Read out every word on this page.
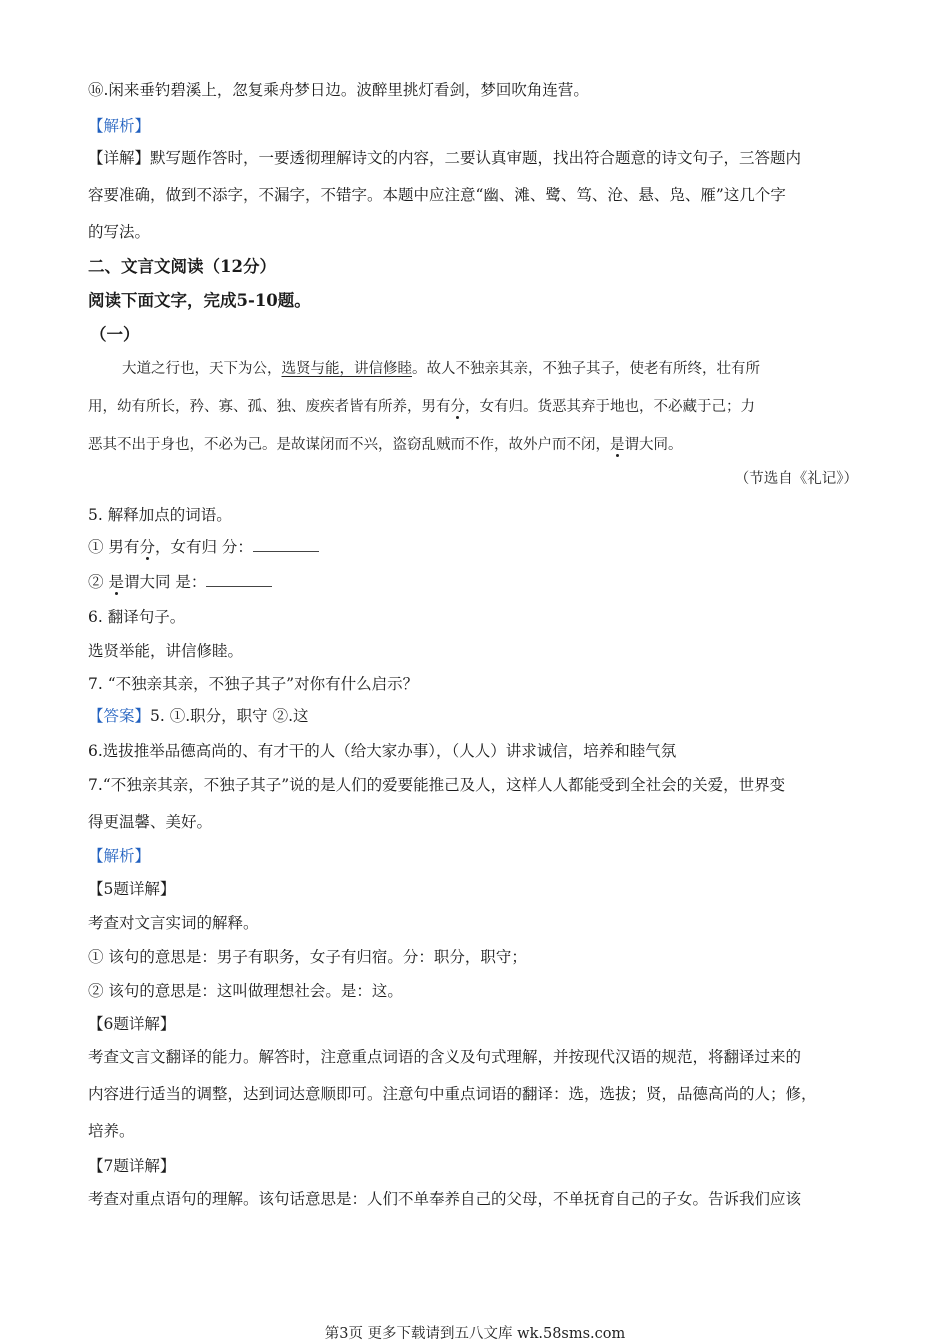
⑯.闲来垂钓碧溪上，忽复乘舟梦日边。波醉里挑灯看剑，梦回吹角连营。
【解析】
【详解】默写题作答时，一要透彻理解诗文的内容，二要认真审题，找出符合题意的诗文句子，三答题内
容要准确，做到不添字，不漏字，不错字。本题中应注意“幽、滩、鹭、笃、沧、悬、凫、雁”这几个字
的写法。
二、文言文阅读（12分）
阅读下面文字，完成5-10题。
（一）
大道之行也，天下为公，选贤与能，讲信修睦。故人不独亲其亲，不独子其子，使老有所终，壮有所
用，幼有所长，矜、寡、孤、独、废疾者皆有所养，男有分，女有归。货恶其弃于地也，不必藏于己；力
恶其不出于身也，不必为己。是故谋闭而不兴，盗窃乱贼而不作，故外户而不闭，是谓大同。
（节选自《礼记》）
5. 解释加点的词语。
① 男有分，女有归 分：
② 是谓大同 是：
6. 翻译句子。
选贤举能，讲信修睦。
7. “不独亲其亲，不独子其子”对你有什么启示？
【答案】5. ①.职分，职守 ②.这
6.选拔推举品德高尚的、有才干的人（给大家办事），（人人）讲求诚信，培养和睦气氛
7.“不独亲其亲，不独子其子”说的是人们的爱要能推己及人，这样人人都能受到全社会的关爱，世界变
得更温馨、美好。
【解析】
【5题详解】
考查对文言实词的解释。
① 该句的意思是：男子有职务，女子有归宿。分：职分，职守；
② 该句的意思是：这叫做理想社会。是：这。
【6题详解】
考查文言文翻译的能力。解答时，注意重点词语的含义及句式理解，并按现代汉语的规范，将翻译过来的
内容进行适当的调整，达到词达意顺即可。注意句中重点词语的翻译：选，选拔；贤，品德高尚的人；修，
培养。
【7题详解】
考查对重点语句的理解。该句话意思是：人们不单奉养自己的父母，不单抚育自己的子女。告诉我们应该
第3页 更多下载请到五八文库 wk.58sms.com
